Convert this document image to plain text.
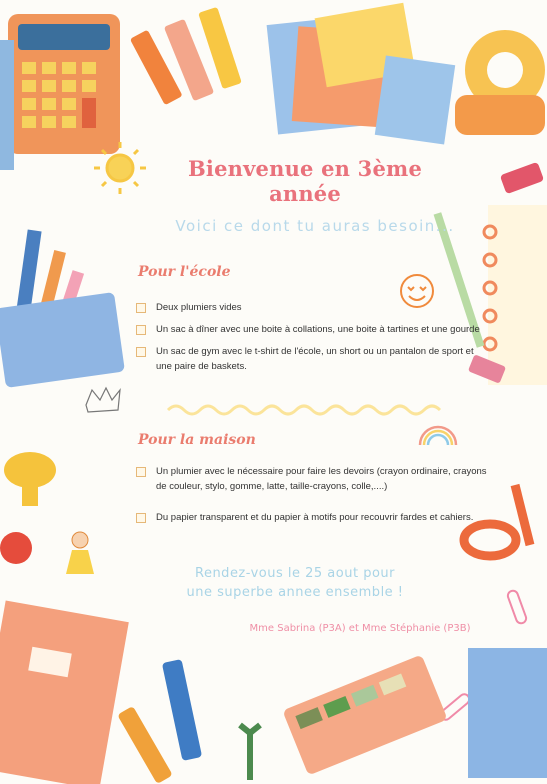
Bienvenue en 3ème année
Voici ce dont tu auras besoin...
Pour l'école
Deux plumiers vides
Un sac à dîner avec une boite à collations, une boite à tartines et une gourde
Un sac de gym avec le t-shirt de l'école, un short ou un pantalon de sport et une paire de baskets.
Pour la maison
Un plumier avec le nécessaire pour faire les devoirs (crayon ordinaire, crayons de couleur, stylo, gomme, latte, taille-crayons, colle,....)
Du papier transparent et du papier à motifs pour recouvrir fardes et cahiers.
Rendez-vous le 25 aout pour
une superbe annee ensemble !
Mme Sabrina (P3A) et Mme Stéphanie (P3B)
